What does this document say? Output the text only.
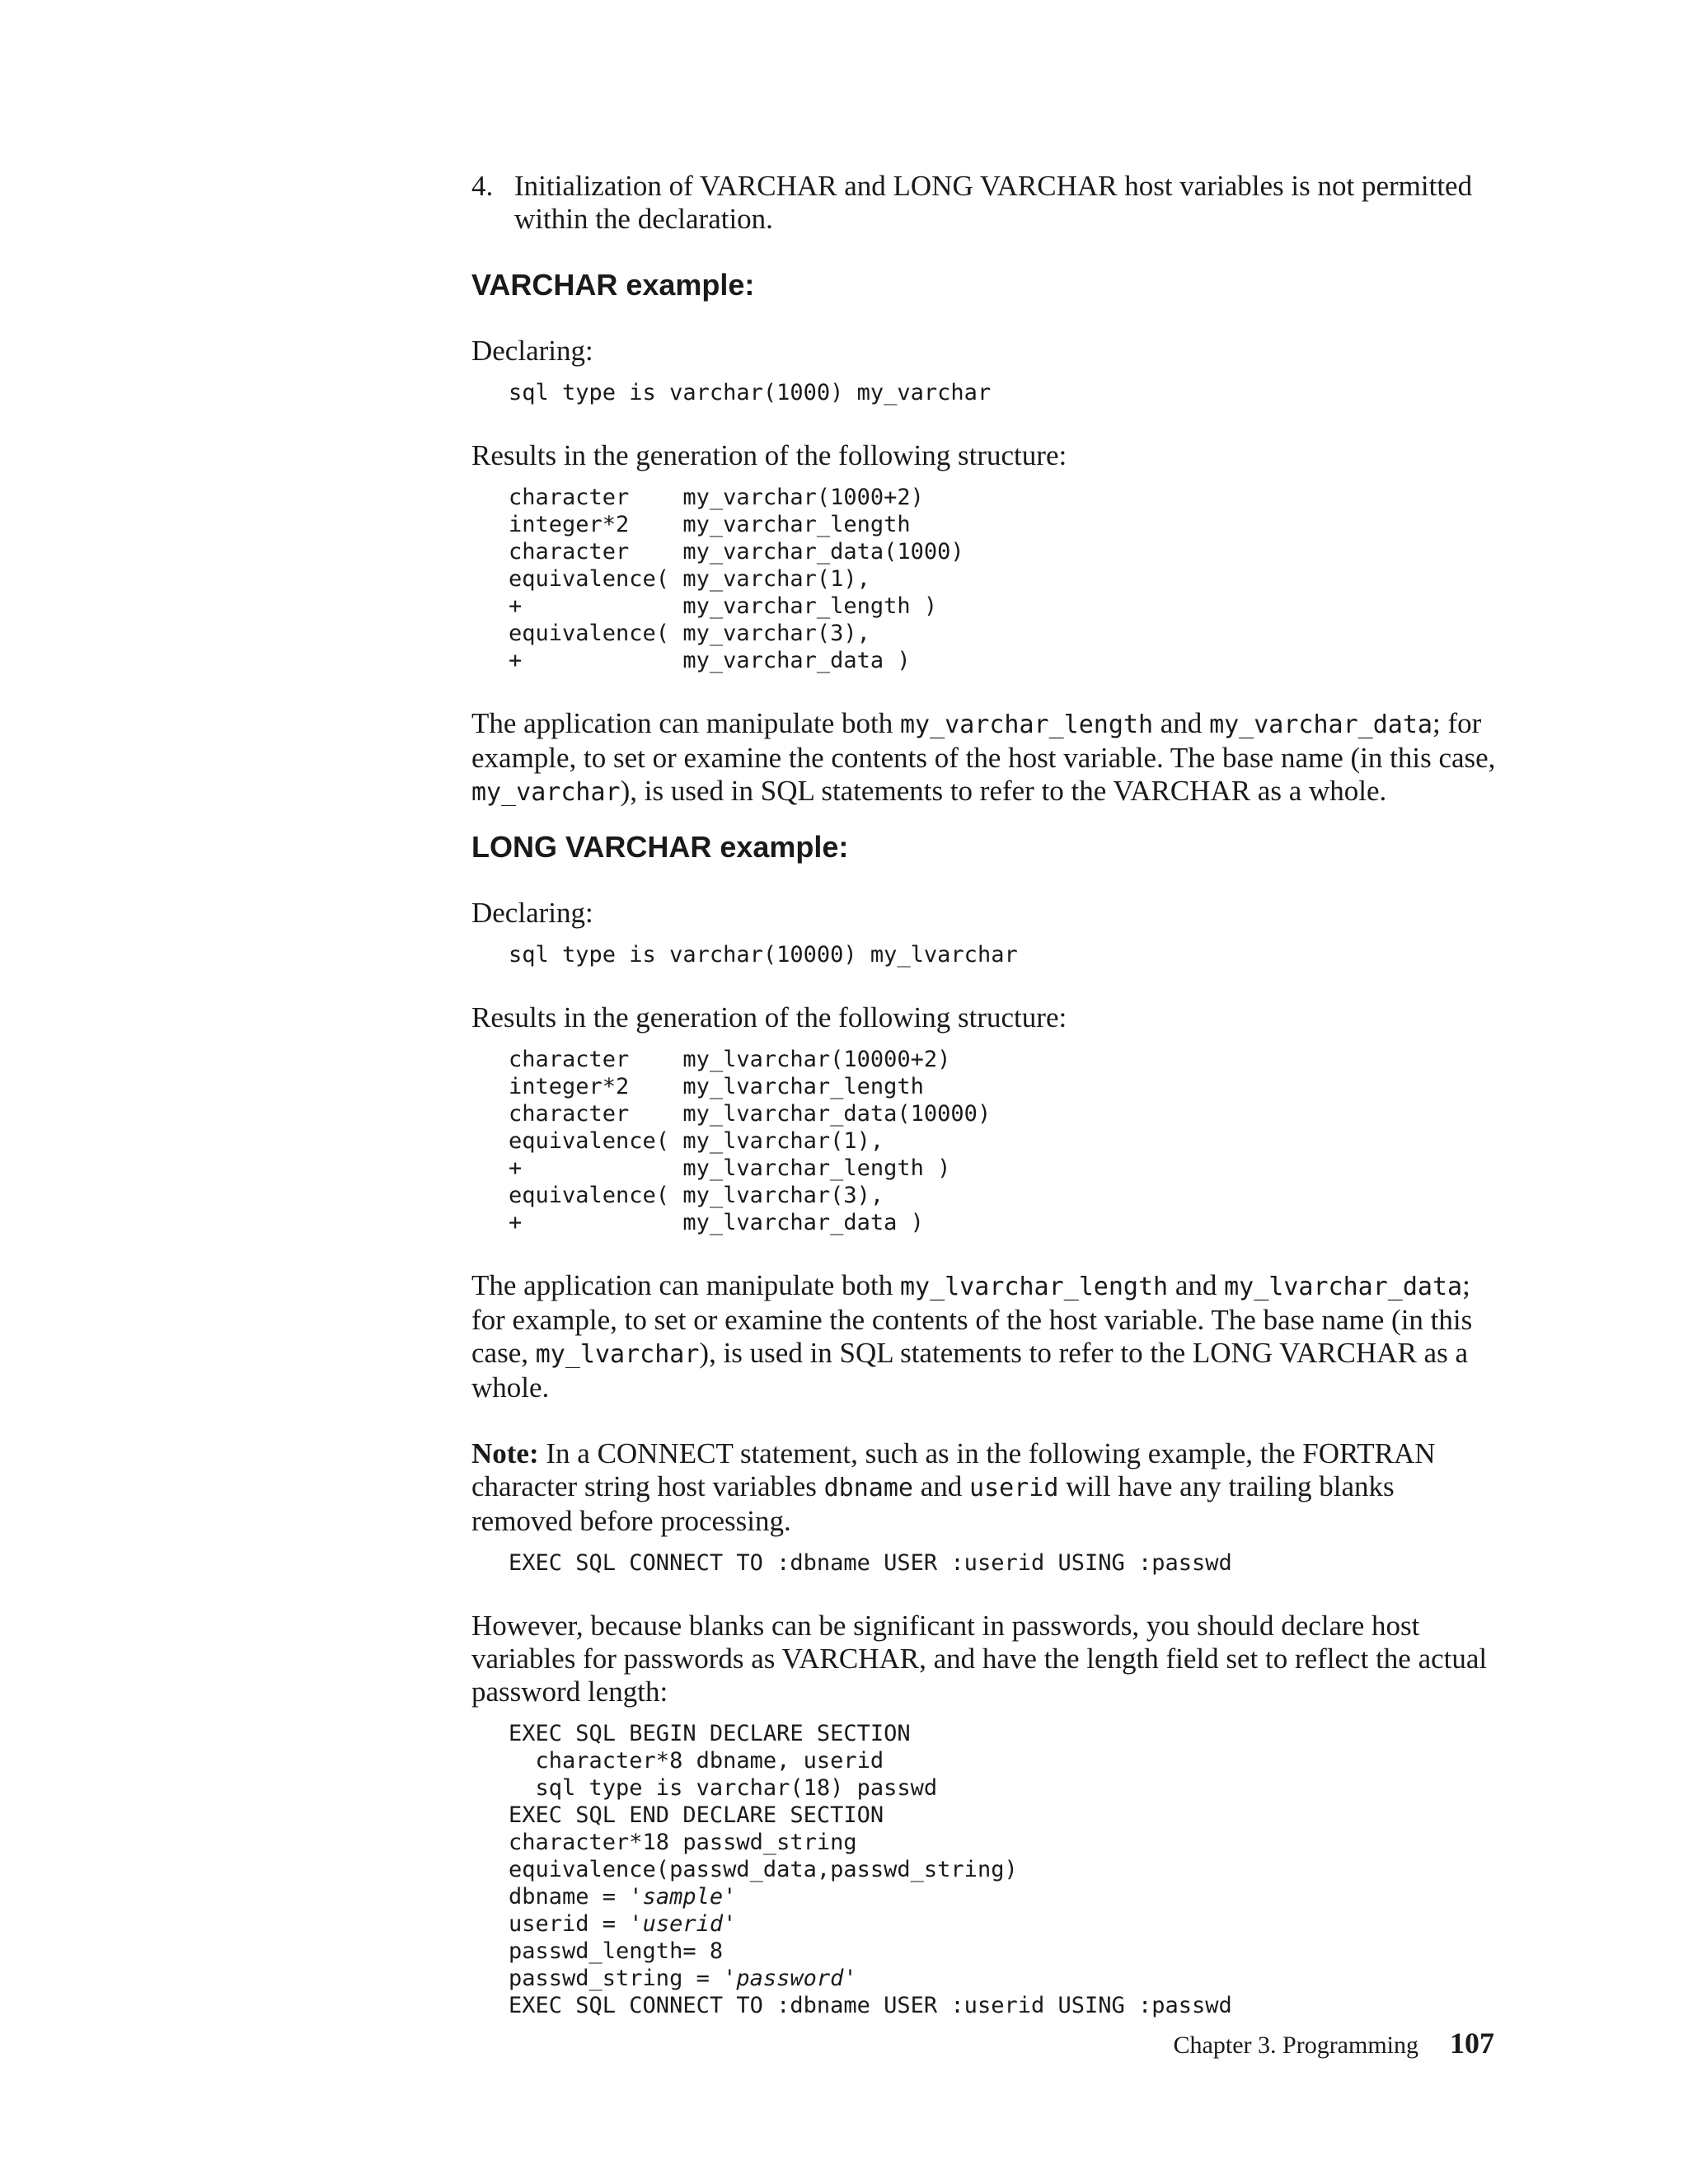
4. Initialization of VARCHAR and LONG VARCHAR host variables is not permitted within the declaration.
VARCHAR example:

Declaring:

sql type is varchar(1000) my_varchar

Results in the generation of the following structure:

character    my_varchar(1000+2)
integer*2    my_varchar_length
character    my_varchar_data(1000)
equivalence( my_varchar(1),
+            my_varchar_length )
equivalence( my_varchar(3),
+            my_varchar_data )

The application can manipulate both my_varchar_length and my_varchar_data; for example, to set or examine the contents of the host variable. The base name (in this case, my_varchar), is used in SQL statements to refer to the VARCHAR as a whole.

LONG VARCHAR example:

Declaring:

sql type is varchar(10000) my_lvarchar

Results in the generation of the following structure:

character    my_lvarchar(10000+2)
integer*2    my_lvarchar_length
character    my_lvarchar_data(10000)
equivalence( my_lvarchar(1),
+            my_lvarchar_length )
equivalence( my_lvarchar(3),
+            my_lvarchar_data )

The application can manipulate both my_lvarchar_length and my_lvarchar_data; for example, to set or examine the contents of the host variable. The base name (in this case, my_lvarchar), is used in SQL statements to refer to the LONG VARCHAR as a whole.

Note: In a CONNECT statement, such as in the following example, the FORTRAN character string host variables dbname and userid will have any trailing blanks removed before processing.

EXEC SQL CONNECT TO :dbname USER :userid USING :passwd

However, because blanks can be significant in passwords, you should declare host variables for passwords as VARCHAR, and have the length field set to reflect the actual password length:

EXEC SQL BEGIN DECLARE SECTION
character*8 dbname, userid
sql type is varchar(18) passwd
EXEC SQL END DECLARE SECTION
character*18 passwd_string
equivalence(passwd_data,passwd_string)
dbname = 'sample'
userid = 'userid'
passwd_length= 8
passwd_string = 'password'
EXEC SQL CONNECT TO :dbname USER :userid USING :passwd
Chapter 3. Programming 107
